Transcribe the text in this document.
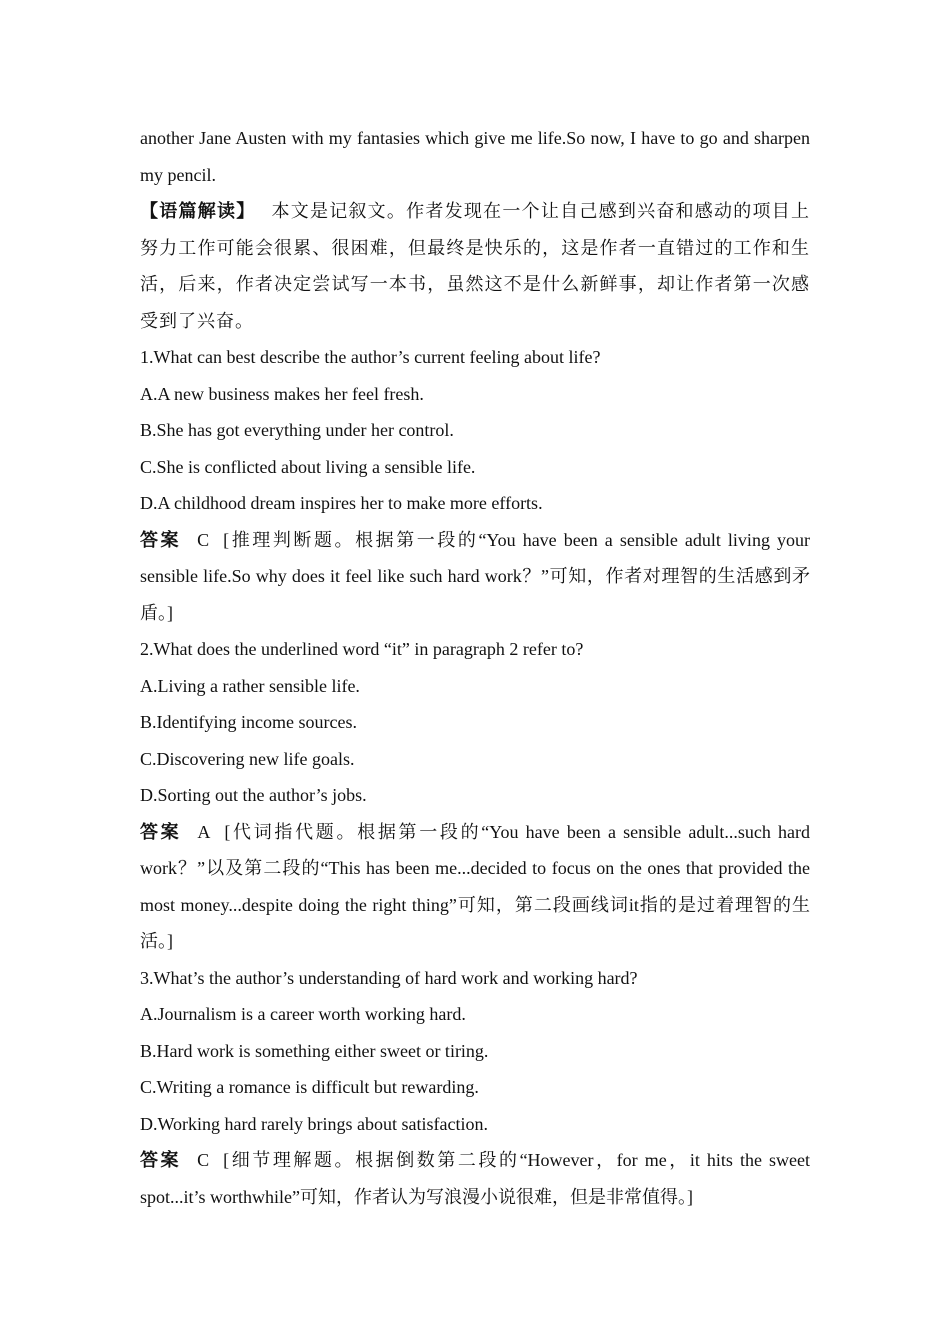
another Jane Austen with my fantasies which give me life.So now, I have to go and sharpen my pencil.

【语篇解读】 本文是记叙文。作者发现在一个让自己感到兴奋和感动的项目上努力工作可能会很累、很困难，但最终是快乐的，这是作者一直错过的工作和生活，后来，作者决定尝试写一本书，虽然这不是什么新鲜事，却让作者第一次感受到了兴奋。

1.What can best describe the author’s current feeling about life?

A.A new business makes her feel fresh.

B.She has got everything under her control.

C.She is conflicted about living a sensible life.

D.A childhood dream inspires her to make more efforts.

答案 C [推理判断题。根据第一段的“You have been a sensible adult living your sensible life.So why does it feel like such hard work？”可知，作者对理智的生活感到矛盾。]

2.What does the underlined word “it” in paragraph 2 refer to?

A.Living a rather sensible life.

B.Identifying income sources.

C.Discovering new life goals.

D.Sorting out the author’s jobs.

答案 A [代词指代题。根据第一段的“You have been a sensible adult...such hard work？”以及第二段的“This has been me...decided to focus on the ones that provided the most money...despite doing the right thing”可知，第二段画线词it指的是过着理智的生活。]

3.What’s the author’s understanding of hard work and working hard?

A.Journalism is a career worth working hard.

B.Hard work is something either sweet or tiring.

C.Writing a romance is difficult but rewarding.

D.Working hard rarely brings about satisfaction.

答案 C [细节理解题。根据倒数第二段的“However，for me，it hits the sweet spot...it’s worthwhile”可知，作者认为写浪漫小说很难，但是非常值得。]
